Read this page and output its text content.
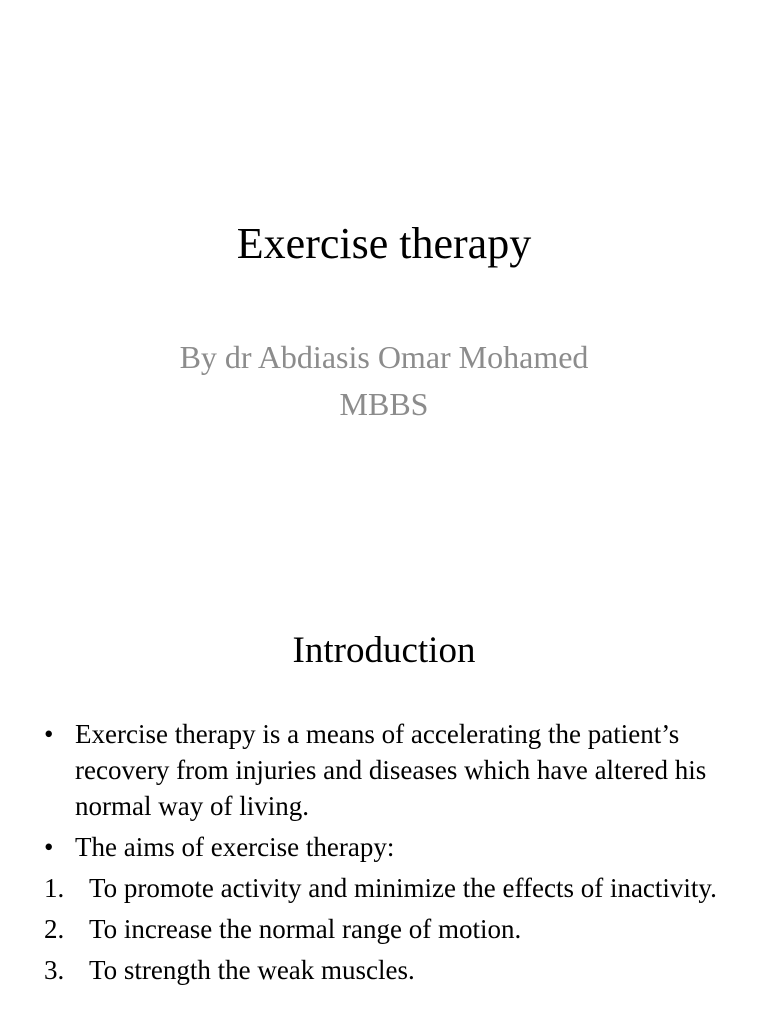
Exercise therapy
By dr Abdiasis Omar Mohamed
MBBS
Introduction
• Exercise therapy is a means of accelerating the patient’s recovery from injuries and diseases which have altered his normal way of living.
• The aims of exercise therapy:
1. To promote activity and minimize the effects of inactivity.
2. To increase the normal range of motion.
3. To strength the weak muscles.
